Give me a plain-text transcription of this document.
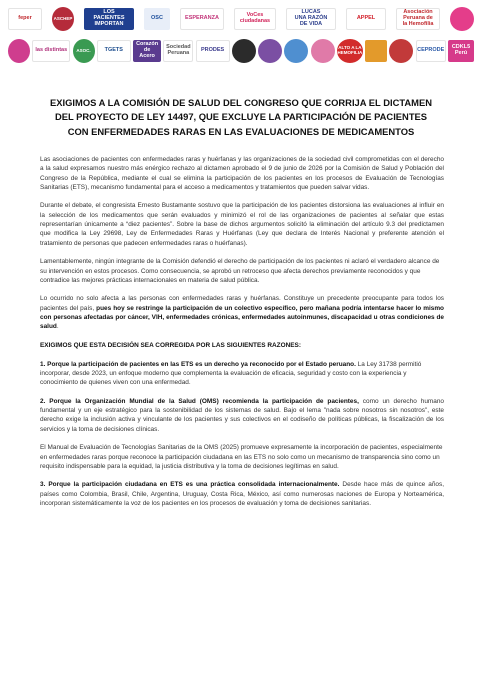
feper	ASCHEP
LOS
PACIENTES
IMPORTAN
OSC	ESPERANZA	VoCes
ciudadanas
LUCAS
UNA RAZÓN
DE VIDA
APPEL
Asociación
Peruana de
la Hemofilia
las distintas	ASOC.	TGETS
Corazón de
Acero
Sociedad
Peruana	PRODES	ALTO A LA
HEMOFILIA	CEPRODE	CDKL5
Perú
EXIGIMOS A LA COMISIÓN DE SALUD DEL CONGRESO QUE CORRIJA EL DICTAMEN
DEL PROYECTO DE LEY 14497, QUE EXCLUYE LA PARTICIPACIÓN DE PACIENTES
CON ENFERMEDADES RARAS EN LAS EVALUACIONES DE MEDICAMENTOS

Las asociaciones de pacientes con enfermedades raras y huérfanas y las organizaciones de la sociedad civil comprometidas con el derecho a la salud expresamos nuestro más enérgico rechazo al dictamen aprobado el 9 de junio de 2026 por la Comisión de Salud y Población del Congreso de la República, mediante el cual se elimina la participación de los pacientes en los procesos de Evaluación de Tecnologías Sanitarias (ETS), mecanismo fundamental para el acceso a medicamentos y tratamientos que pueden salvar vidas.

Durante el debate, el congresista Ernesto Bustamante sostuvo que la participación de los pacientes distorsiona las evaluaciones al influir en la selección de los medicamentos que serán evaluados y minimizó el rol de las organizaciones de pacientes al señalar que estas representarían únicamente a “diez pacientes”. Sobre la base de dichos argumentos solicitó la eliminación del artículo 9.3 del predictamen que modifica la Ley 29698, Ley de Enfermedades Raras y Huérfanas (Ley que declara de Interés Nacional y preferente atención el tratamiento de personas que padecen enfermedades raras o huérfanas).

Lamentablemente, ningún integrante de la Comisión defendió el derecho de participación de los pacientes ni aclaró el verdadero alcance de su intervención en estos procesos. Como consecuencia, se aprobó un retroceso que afecta derechos previamente reconocidos y que contradice las mejores prácticas internacionales en materia de salud pública.

Lo ocurrido no solo afecta a las personas con enfermedades raras y huérfanas. Constituye un precedente preocupante para todos los pacientes del país, pues hoy se restringe la participación de un colectivo específico, pero mañana podría intentarse hacer lo mismo con personas afectadas por cáncer, VIH, enfermedades crónicas, enfermedades autoinmunes, discapacidad u otras condiciones de salud.

EXIGIMOS QUE ESTA DECISIÓN SEA CORREGIDA POR LAS SIGUIENTES RAZONES:

1. Porque la participación de pacientes en las ETS es un derecho ya reconocido por el Estado peruano. La Ley 31738 permitió incorporar, desde 2023, un enfoque moderno que complementa la evaluación de eficacia, seguridad y costo con la experiencia y conocimiento de quienes viven con una enfermedad.

2. Porque la Organización Mundial de la Salud (OMS) recomienda la participación de pacientes, como un derecho humano fundamental y un eje estratégico para la sostenibilidad de los sistemas de salud. Bajo el lema "nada sobre nosotros sin nosotros", este derecho exige la inclusión activa y vinculante de los pacientes y sus colectivos en el codiseño de políticas públicas, la fiscalización de los servicios y la toma de decisiones clínicas.

El Manual de Evaluación de Tecnologías Sanitarias de la OMS (2025) promueve expresamente la incorporación de pacientes, especialmente en enfermedades raras porque reconoce la participación ciudadana en las ETS no solo como un mecanismo de transparencia sino como un requisito indispensable para la equidad, la justicia distributiva y la toma de decisiones legítimas en salud.

3. Porque la participación ciudadana en ETS es una práctica consolidada internacionalmente. Desde hace más de quince años, países como Colombia, Brasil, Chile, Argentina, Uruguay, Costa Rica, México, así como numerosas naciones de Europa y Norteamérica, incorporan sistemáticamente la voz de los pacientes en los procesos de evaluación y toma de decisiones sanitarias.
